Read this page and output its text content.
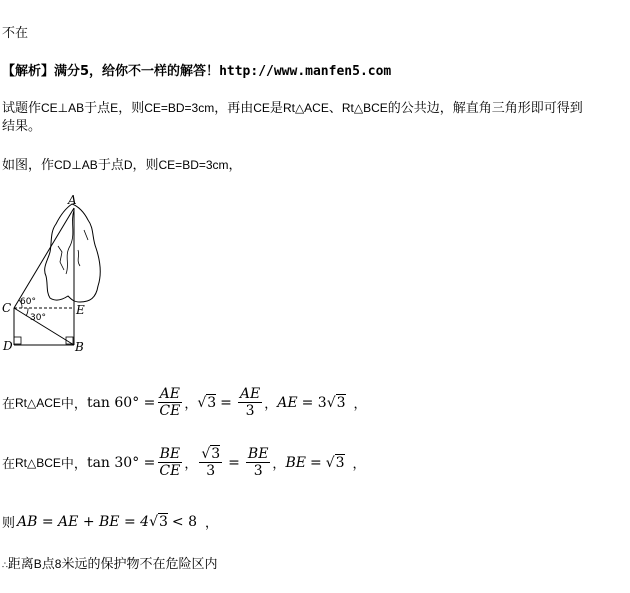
不在
【解析】满分5，给你不一样的解答！http://www.manfen5.com
试题作CE⊥AB于点E，则CE=BD=3cm，再由CE是Rt△ACE、Rt△BCE的公共边，解直角三角形即可得到
结果。
如图，作CD⊥AB于点D，则CE=BD=3cm，
A
C	E
D	B
60°
30°
在 Rt△ACE 中， $\tan 60^\circ = \frac{AE}{CE}$ ， $√3 = \frac{AE}{3}$ ， AE = 3 √3 ，
在 Rt△BCE 中， $\tan 30^\circ = \frac{BE}{CE}$ ， $\frac{√3}{3} = \frac{BE}{3}$ ， BE = √3 ，
则 AB = AE + BE = 4 √3 < 8 ，
∴距离B点8米远的保护物不在危险区内
